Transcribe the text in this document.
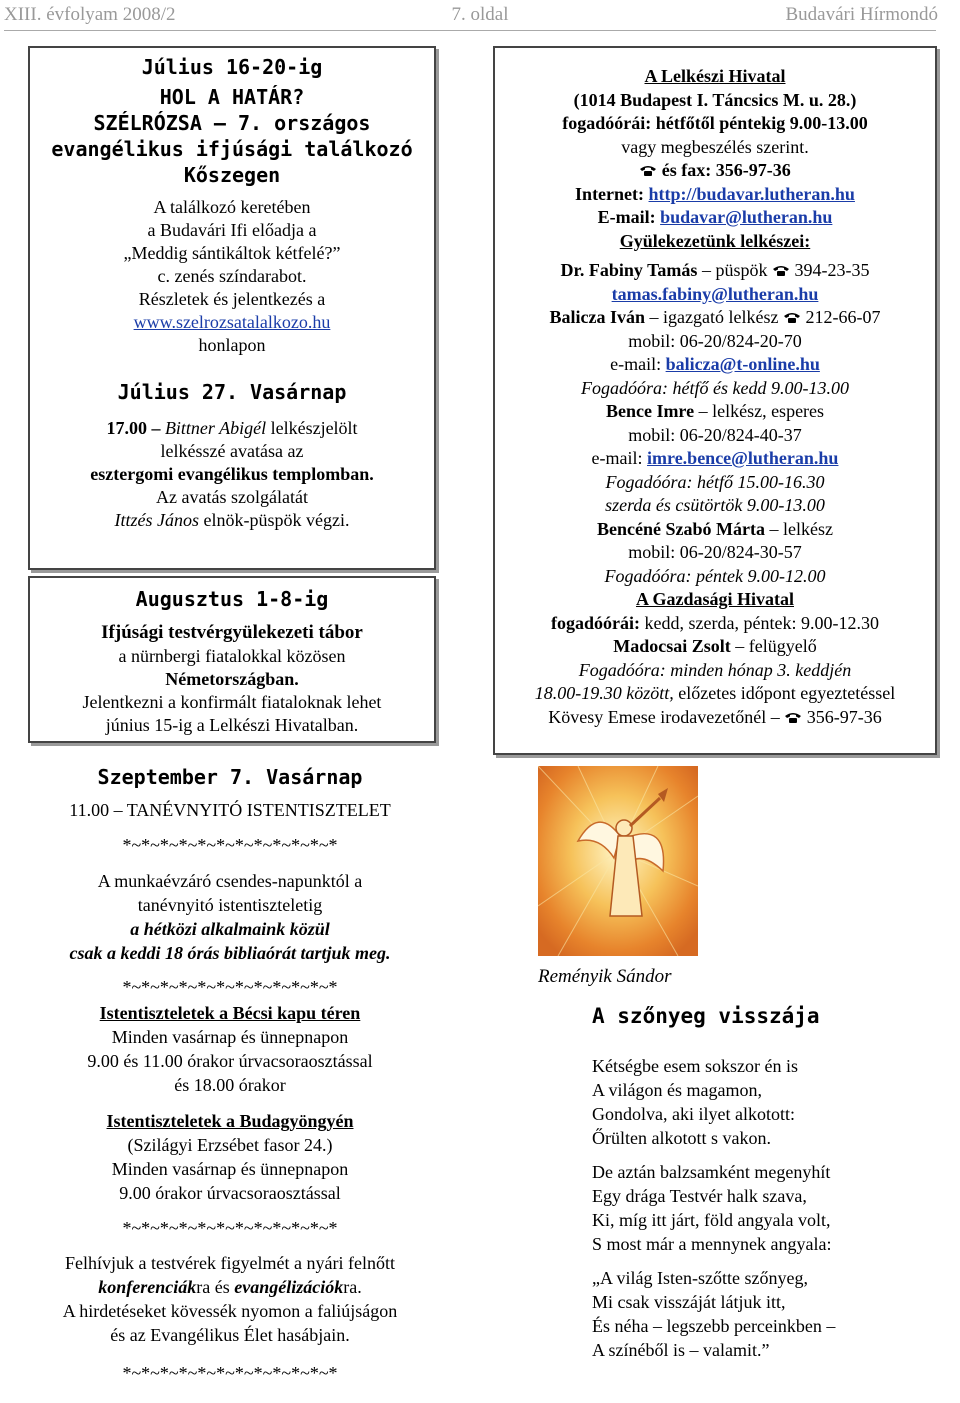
XIII. évfolyam 2008/2	7. oldal	Budavári Hírmondó
Július 16-20-ig
HOL A HATÁR?
SZÉLRÓZSA – 7. országos
evangélikus ifjúsági találkozó
Kőszegen
A találkozó keretében
a Budavári Ifi előadja a
„Meddig sántikáltok kétfelé?”
c. zenés színdarabot.
Részletek és jelentkezés a
www.szelrozsatalalkozo.hu
honlapon
Július 27. Vasárnap
17.00 – Bittner Abigél lelkészjelölt
lelkésszé avatása az
esztergomi evangélikus templomban.
Az avatás szolgálatát
Ittzés János elnök-püspök végzi.
Augusztus 1-8-ig
Ifjúsági testvérgyülekezeti tábor
a nürnbergi fiatalokkal közösen
Németországban.
Jelentkezni a konfirmált fiataloknak lehet
június 15-ig a Lelkészi Hivatalban.
A Lelkészi Hivatal
(1014 Budapest I. Táncsics M. u. 28.)
fogadóórái: hétfőtől péntekig 9.00-13.00
vagy megbeszélés szerint.
és fax: 356-97-36
Internet: http://budavar.lutheran.hu
E-mail: budavar@lutheran.hu
Gyülekezetünk lelkészei:
Dr. Fabiny Tamás – püspök 394-23-35
tamas.fabiny@lutheran.hu
Balicza Iván – igazgató lelkész 212-66-07
mobil: 06-20/824-20-70
e-mail: balicza@t-online.hu
Fogadóóra: hétfő és kedd 9.00-13.00
Bence Imre – lelkész, esperes
mobil: 06-20/824-40-37
e-mail: imre.bence@lutheran.hu
Fogadóóra: hétfő 15.00-16.30
szerda és csütörtök 9.00-13.00
Bencéné Szabó Márta – lelkész
mobil: 06-20/824-30-57
Fogadóóra: péntek 9.00-12.00
A Gazdasági Hivatal
fogadóórái: kedd, szerda, péntek: 9.00-12.30
Madocsai Zsolt – felügyelő
Fogadóóra: minden hónap 3. keddjén
18.00-19.30 között, előzetes időpont egyeztetéssel
Kövesy Emese irodavezetőnél – 356-97-36
Szeptember 7. Vasárnap
11.00 – TANÉVNYITÓ ISTENTISZTELET
*~*~*~*~*~*~*~*~*~*~*~*
A munkaévzáró csendes-napunktól a
tanévnyitó istentiszteletig
a hétközi alkalmaink közül
csak a keddi 18 órás bibliaórát tartjuk meg.
*~*~*~*~*~*~*~*~*~*~*~*
Istentiszteletek a Bécsi kapu téren
Minden vasárnap és ünnepnapon
9.00 és 11.00 órakor úrvacsoraosztással
és 18.00 órakor
Istentiszteletek a Budagyöngyén
(Szilágyi Erzsébet fasor 24.)
Minden vasárnap és ünnepnapon
9.00 órakor úrvacsoraosztással
*~*~*~*~*~*~*~*~*~*~*~*
Felhívjuk a testvérek figyelmét a nyári felnőtt
konferenciákra és evangélizációkra.
A hirdetéseket kövessék nyomon a faliújságon
és az Evangélikus Élet hasábjain.
*~*~*~*~*~*~*~*~*~*~*~*
Reményik Sándor
A szőnyeg visszája
Kétségbe esem sokszor én is
A világon és magamon,
Gondolva, aki ilyet alkotott:
Őrülten alkotott s vakon.
De aztán balzsamként megenyhít
Egy drága Testvér halk szava,
Ki, míg itt járt, föld angyala volt,
S most már a mennynek angyala:
„A világ Isten-szőtte szőnyeg,
Mi csak visszáját látjuk itt,
És néha – legszebb perceinkben –
A színéből is – valamit.”
